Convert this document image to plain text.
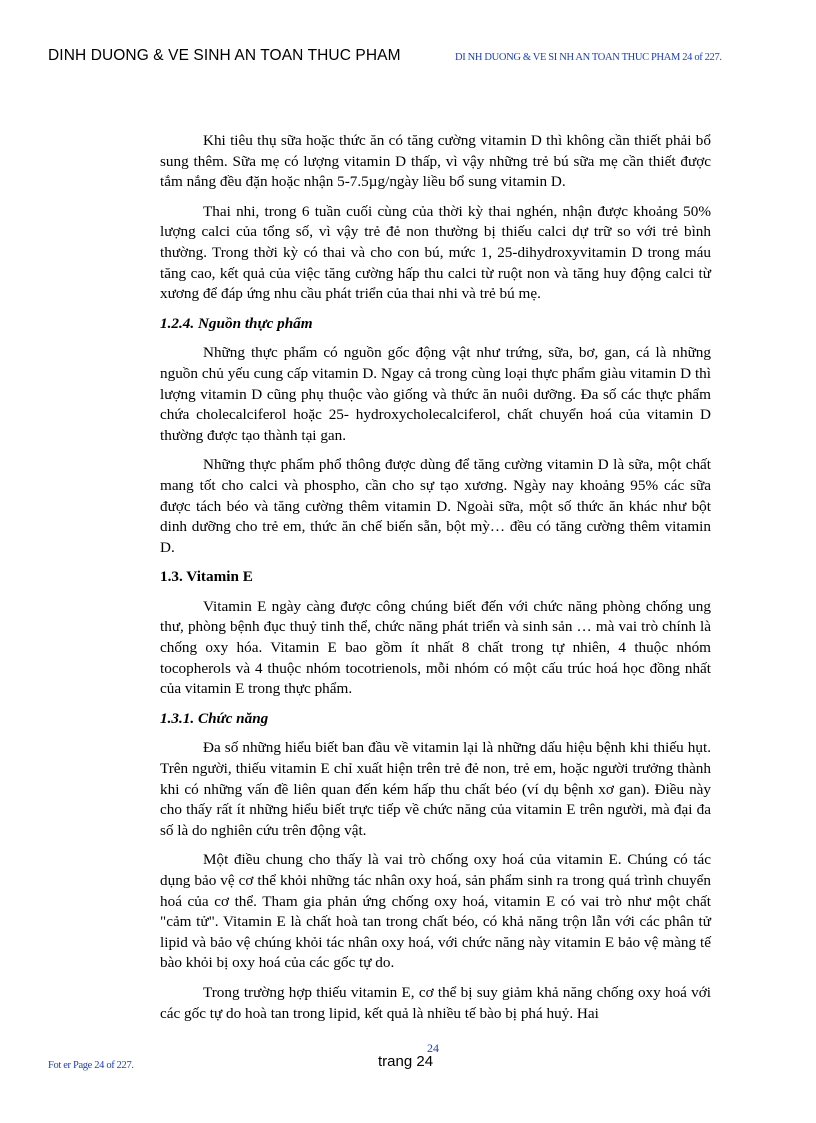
DINH DUONG & VE SINH AN TOAN THUC PHAM	DI NH DUONG & VE SI NH AN TOAN THUC PHAM 24 of 227.

Khi tiêu thụ sữa hoặc thức ăn có tăng cường vitamin D thì không cần thiết phải bổ sung thêm. Sữa mẹ có lượng vitamin D thấp, vì vậy những trẻ bú sữa mẹ cần thiết được tắm nắng đều đặn hoặc nhận 5-7.5µg/ngày liều bổ sung vitamin D.

Thai nhi, trong 6 tuần cuối cùng của thời kỳ thai nghén, nhận được khoảng 50% lượng calci của tổng số, vì vậy trẻ đẻ non thường bị thiếu calci dự trữ so với trẻ bình thường. Trong thời kỳ có thai và cho con bú, mức 1, 25-dihydroxyvitamin D trong máu tăng cao, kết quả của việc tăng cường hấp thu calci từ ruột non và tăng huy động calci từ xương để đáp ứng nhu cầu phát triển của thai nhi và trẻ bú mẹ.

1.2.4. Nguồn thực phẩm

Những thực phẩm có nguồn gốc động vật như trứng, sữa, bơ, gan, cá là những nguồn chủ yếu cung cấp vitamin D. Ngay cả trong cùng loại thực phẩm giàu vitamin D thì lượng vitamin D cũng phụ thuộc vào giống và thức ăn nuôi dưỡng. Đa số các thực phẩm chứa cholecalciferol hoặc 25- hydroxycholecalciferol, chất chuyển hoá của vitamin D thường được tạo thành tại gan.

Những thực phẩm phổ thông được dùng để tăng cường vitamin D là sữa, một chất mang tốt cho calci và phospho, cần cho sự tạo xương. Ngày nay khoảng 95% các sữa được tách béo và tăng cường thêm vitamin D. Ngoài sữa, một số thức ăn khác như bột dinh dưỡng cho trẻ em, thức ăn chế biến sẵn, bột mỳ… đều có tăng cường thêm vitamin D.

1.3. Vitamin E

Vitamin E ngày càng được công chúng biết đến với chức năng phòng chống ung thư, phòng bệnh đục thuỷ tinh thể, chức năng phát triển và sinh sản … mà vai trò chính là chống oxy hóa. Vitamin E bao gồm ít nhất 8 chất trong tự nhiên, 4 thuộc nhóm tocopherols và 4 thuộc nhóm tocotrienols, mỗi nhóm có một cấu trúc hoá học đồng nhất của vitamin E trong thực phẩm.

1.3.1. Chức năng

Đa số những hiểu biết ban đầu về vitamin lại là những dấu hiệu bệnh khi thiếu hụt. Trên người, thiếu vitamin E chỉ xuất hiện trên trẻ đẻ non, trẻ em, hoặc người trưởng thành khi có những vấn đề liên quan đến kém hấp thu chất béo (ví dụ bệnh xơ gan). Điều này cho thấy rất ít những hiểu biết trực tiếp về chức năng của vitamin E trên người, mà đại đa số là do nghiên cứu trên động vật.

Một điều chung cho thấy là vai trò chống oxy hoá của vitamin E. Chúng có tác dụng bảo vệ cơ thể khỏi những tác nhân oxy hoá, sản phẩm sinh ra trong quá trình chuyển hoá của cơ thể. Tham gia phản ứng chống oxy hoá, vitamin E có vai trò như một chất "cảm tử". Vitamin E là chất hoà tan trong chất béo, có khả năng trộn lẫn với các phân tử lipid và bảo vệ chúng khỏi tác nhân oxy hoá, với chức năng này vitamin E bảo vệ màng tế bào khỏi bị oxy hoá của các gốc tự do.

Trong trường hợp thiếu vitamin E, cơ thể bị suy giảm khả năng chống oxy hoá với các gốc tự do hoà tan trong lipid, kết quả là nhiều tế bào bị phá huỷ. Hai

24
trang 24
Fot er Page 24 of 227.
